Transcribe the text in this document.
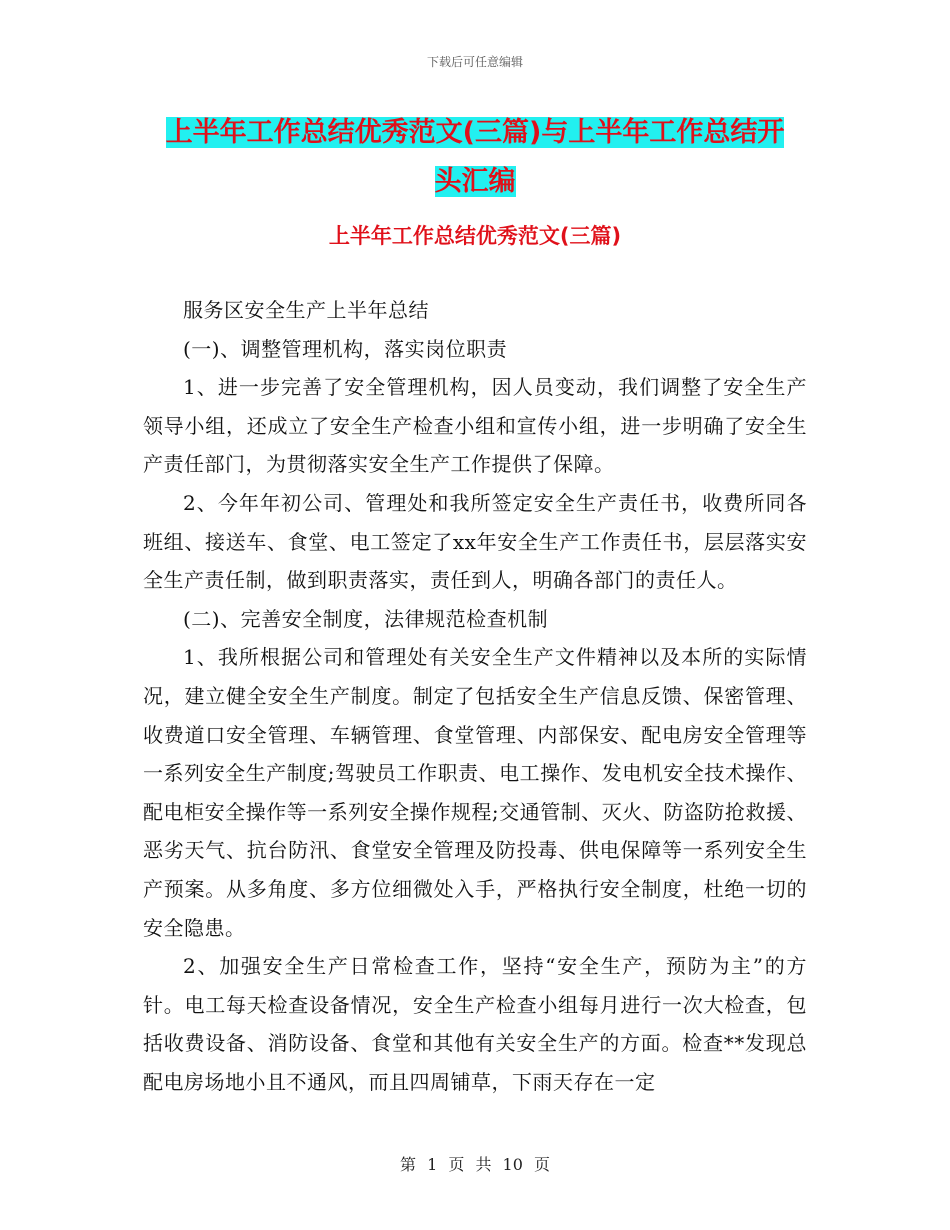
下载后可任意编辑
上半年工作总结优秀范文(三篇)与上半年工作总结开
头汇编
上半年工作总结优秀范文(三篇)

服务区安全生产上半年总结

(一)、调整管理机构，落实岗位职责

1、进一步完善了安全管理机构，因人员变动，我们调整了安全生产领导小组，还成立了安全生产检查小组和宣传小组，进一步明确了安全生产责任部门，为贯彻落实安全生产工作提供了保障。

2、今年年初公司、管理处和我所签定安全生产责任书，收费所同各班组、接送车、食堂、电工签定了xx年安全生产工作责任书，层层落实安全生产责任制，做到职责落实，责任到人，明确各部门的责任人。

(二)、完善安全制度，法律规范检查机制

1、我所根据公司和管理处有关安全生产文件精神以及本所的实际情 况，建立健全安全生产制度。制定了包括安全生产信息反馈、保密管理、收费道口安全管理、车辆管理、食堂管理、内部保安、配电房安全管理等一系列安全生产制度;驾驶员工作职责、电工操作、发电机安全技术操作、配电柜安全操作等一系列安全操作规程;交通管制、灭火、防盗防抢救援、恶劣天气、抗台防汛、食堂安全管理及防投毒、供电保障等一系列安全生产预案。从多角度、多方位细微处入手，严格执行安全制度，杜绝一切的安全隐患。

2、加强安全生产日常检查工作，坚持“安全生产，预防为主”的方针。电工每天检查设备情况，安全生产检查小组每月进行一次大检查，包括收费设备、消防设备、食堂和其他有关安全生产的方面。检查**发现总配电房场地小且不通风，而且四周铺草，下雨天存在一定

第 1 页 共 10 页
